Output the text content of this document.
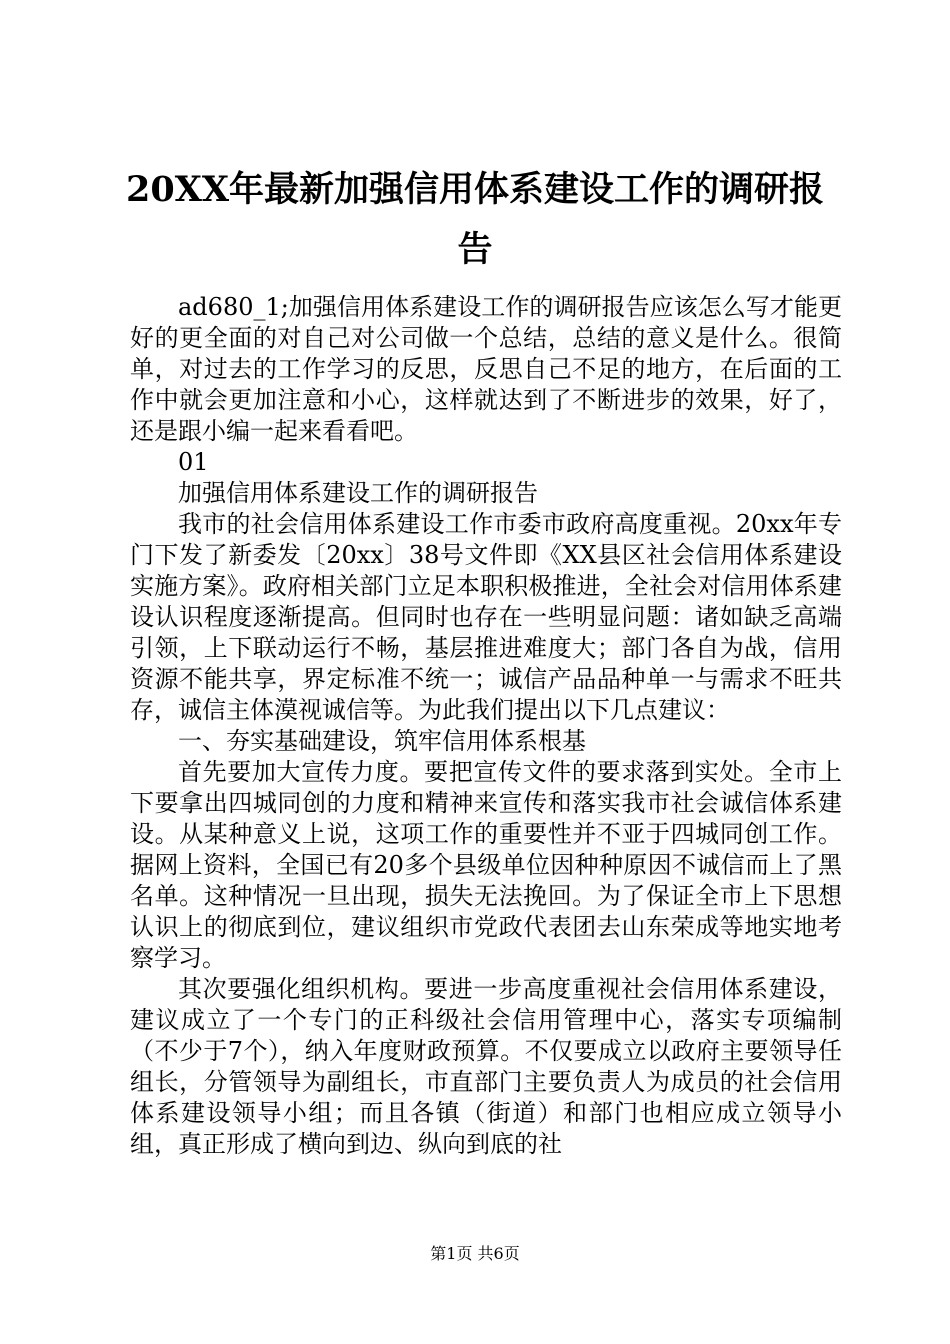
20XX年最新加强信用体系建设工作的调研报告

ad680_1;加强信用体系建设工作的调研报告应该怎么写才能更好的更全面的对自己对公司做一个总结，总结的意义是什么。很简单，对过去的工作学习的反思，反思自己不足的地方，在后面的工作中就会更加注意和小心，这样就达到了不断进步的效果，好了，还是跟小编一起来看看吧。

01

加强信用体系建设工作的调研报告

我市的社会信用体系建设工作市委市政府高度重视。20xx年专门下发了新委发〔20xx〕38号文件即《XX县区社会信用体系建设实施方案》。政府相关部门立足本职积极推进，全社会对信用体系建设认识程度逐渐提高。但同时也存在一些明显问题：诸如缺乏高端引领，上下联动运行不畅，基层推进难度大；部门各自为战，信用资源不能共享，界定标准不统一；诚信产品品种单一与需求不旺共存，诚信主体漠视诚信等。为此我们提出以下几点建议：

一、夯实基础建设，筑牢信用体系根基

首先要加大宣传力度。要把宣传文件的要求落到实处。全市上下要拿出四城同创的力度和精神来宣传和落实我市社会诚信体系建设。从某种意义上说，这项工作的重要性并不亚于四城同创工作。据网上资料，全国已有20多个县级单位因种种原因不诚信而上了黑名单。这种情况一旦出现，损失无法挽回。为了保证全市上下思想认识上的彻底到位，建议组织市党政代表团去山东荣成等地实地考察学习。

其次要强化组织机构。要进一步高度重视社会信用体系建设，建议成立了一个专门的正科级社会信用管理中心，落实专项编制（不少于7个），纳入年度财政预算。不仅要成立以政府主要领导任组长，分管领导为副组长，市直部门主要负责人为成员的社会信用体系建设领导小组；而且各镇（街道）和部门也相应成立领导小组，真正形成了横向到边、纵向到底的社

第1页 共6页
